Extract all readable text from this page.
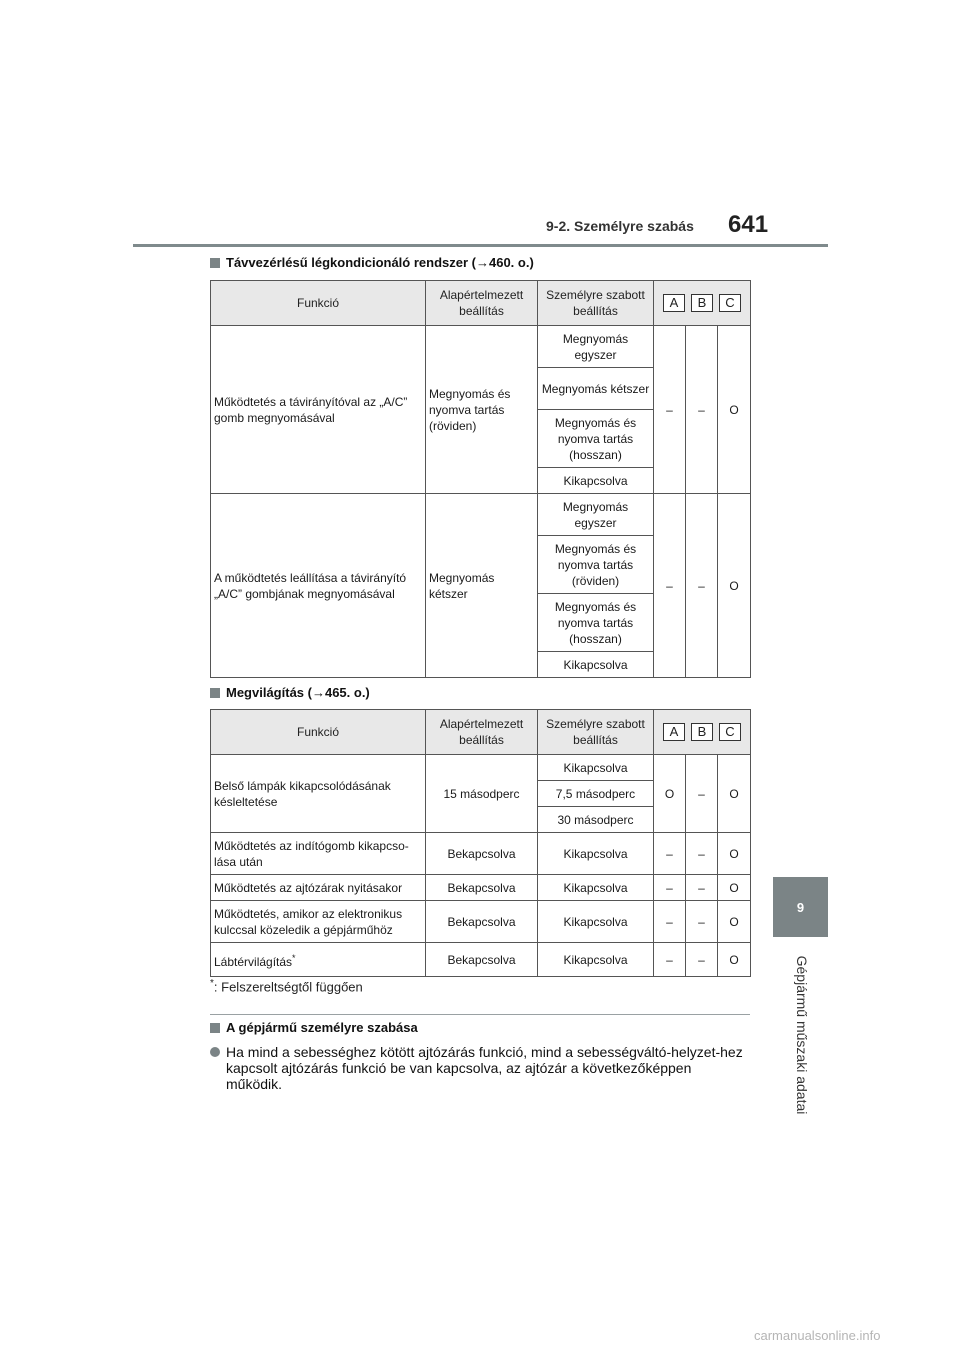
9-2. Személyre szabás 641
9
Gépjármű műszaki adatai
Távvezérlésű légkondicionáló rendszer ( → 460. o.)
Funkció	Alapértelmezett beállítás	Személyre szabott beállítás	A B C		

Működtetés a távirányítóval az „A/C” gomb megnyomásával	Megnyomás és nyomva tartás (röviden)	Megnyomás egyszer	–	–	O
		Megnyomás kétszer			
		Megnyomás és nyomva tartás (hosszan)			
		Kikapcsolva			
A működtetés leállítása a távirányító „A/C” gombjának megnyomásával	Megnyomás kétszer	Megnyomás egyszer	–	–	O
		Megnyomás és nyomva tartás (röviden)			
		Megnyomás és nyomva tartás (hosszan)			
		Kikapcsolva			
Megvilágítás ( → 465. o.)
Funkció	Alapértelmezett beállítás	Személyre szabott beállítás	A B C		

Belső lámpák kikapcsolódásának késleltetése	15 másodperc	Kikapcsolva	O	–	O
		7,5 másodperc			
		30 másodperc			
Működtetés az indítógomb kikapcso-lása után	Bekapcsolva	Kikapcsolva	–	–	O
Működtetés az ajtózárak nyitásakor	Bekapcsolva	Kikapcsolva	–	–	O
Működtetés, amikor az elektronikus kulccsal közeledik a gépjárműhöz	Bekapcsolva	Kikapcsolva	–	–	O
Lábtérvilágítás*	Bekapcsolva	Kikapcsolva	–	–	O
*: Felszereltségtől függően
A gépjármű személyre szabása
Ha mind a sebességhez kötött ajtózárás funkció, mind a sebességváltó-helyzet-hez kapcsolt ajtózárás funkció be van kapcsolva, az ajtózár a következőképpen működik.
carmanualsonline.info
